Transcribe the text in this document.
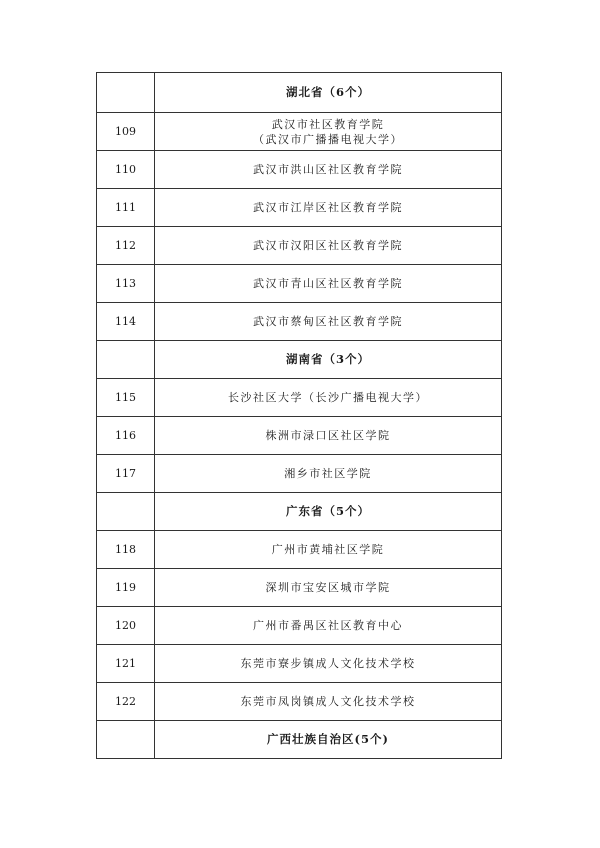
	湖北省（6个）
109	武汉市社区教育学院
（武汉市广播播电视大学）

110	武汉市洪山区社区教育学院

111	武汉市江岸区社区教育学院

112	武汉市汉阳区社区教育学院

113	武汉市青山区社区教育学院

114	武汉市蔡甸区社区教育学院

	湖南省（3个）
115	长沙社区大学（长沙广播电视大学）

116	株洲市渌口区社区学院

117	湘乡市社区学院

	广东省（5个）
118	广州市黄埔社区学院

119	深圳市宝安区城市学院

120	广州市番禺区社区教育中心

121	东莞市寮步镇成人文化技术学校

122	东莞市凤岗镇成人文化技术学校

	广西壮族自治区(5个)
